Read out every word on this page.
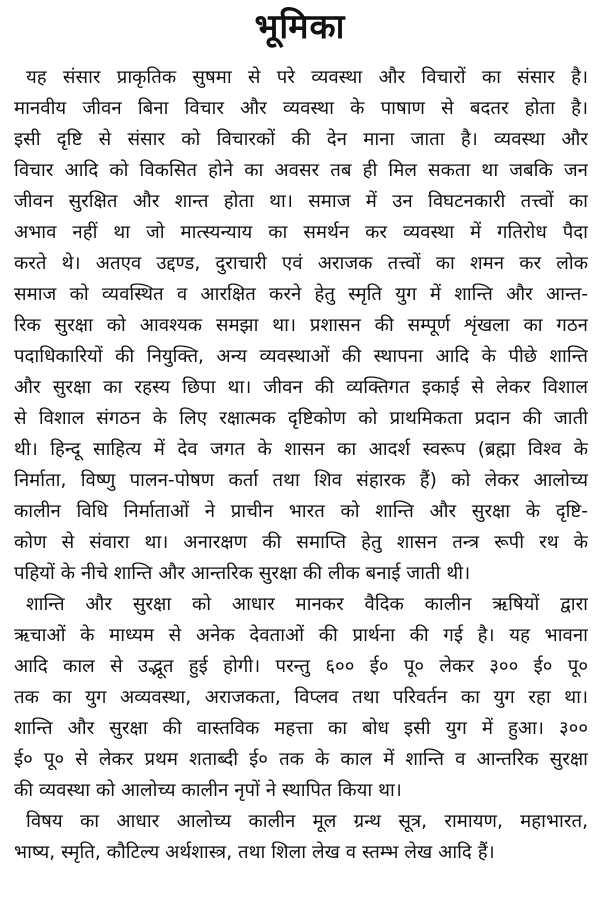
भूमिका
यह संसार प्राकृतिक सुषमा से परे व्यवस्था और विचारों का संसार है।
मानवीय जीवन बिना विचार और व्यवस्था के पाषाण से बदतर होता है।
इसी दृष्टि से संसार को विचारकों की देन माना जाता है। व्यवस्था और
विचार आदि को विकसित होने का अवसर तब ही मिल सकता था जबकि जन
जीवन सुरक्षित और शान्त होता था। समाज में उन विघटनकारी तत्त्वों का
अभाव नहीं था जो मात्स्यन्याय का समर्थन कर व्यवस्था में गतिरोध पैदा
करते थे। अतएव उद्दण्ड, दुराचारी एवं अराजक तत्त्वों का शमन कर लोक
समाज को व्यवस्थित व आरक्षित करने हेतु स्मृति युग में शान्ति और आन्त-
रिक सुरक्षा को आवश्यक समझा था। प्रशासन की सम्पूर्ण शृंखला का गठन
पदाधिकारियों की नियुक्ति, अन्य व्यवस्थाओं की स्थापना आदि के पीछे शान्ति
और सुरक्षा का रहस्य छिपा था। जीवन की व्यक्तिगत इकाई से लेकर विशाल
से विशाल संगठन के लिए रक्षात्मक दृष्टिकोण को प्राथमिकता प्रदान की जाती
थी। हिन्दू साहित्य में देव जगत के शासन का आदर्श स्वरूप (ब्रह्मा विश्व के
निर्माता, विष्णु पालन-पोषण कर्ता तथा शिव संहारक हैं) को लेकर आलोच्य
कालीन विधि निर्माताओं ने प्राचीन भारत को शान्ति और सुरक्षा के दृष्टि-
कोण से संवारा था। अनारक्षण की समाप्ति हेतु शासन तन्त्र रूपी रथ के
पहियों के नीचे शान्ति और आन्तरिक सुरक्षा की लीक बनाई जाती थी।
शान्ति और सुरक्षा को आधार मानकर वैदिक कालीन ऋषियों द्वारा
ऋचाओं के माध्यम से अनेक देवताओं की प्रार्थना की गई है। यह भावना
आदि काल से उद्भूत हुई होगी। परन्तु ६०० ई० पू० लेकर ३०० ई० पू०
तक का युग अव्यवस्था, अराजकता, विप्लव तथा परिवर्तन का युग रहा था।
शान्ति और सुरक्षा की वास्तविक महत्ता का बोध इसी युग में हुआ। ३००
ई० पू० से लेकर प्रथम शताब्दी ई० तक के काल में शान्ति व आन्तरिक सुरक्षा
की व्यवस्था को आलोच्य कालीन नृपों ने स्थापित किया था।
विषय का आधार आलोच्य कालीन मूल ग्रन्थ सूत्र, रामायण, महाभारत,
भाष्य, स्मृति, कौटिल्य अर्थशास्त्र, तथा शिला लेख व स्तम्भ लेख आदि हैं।
